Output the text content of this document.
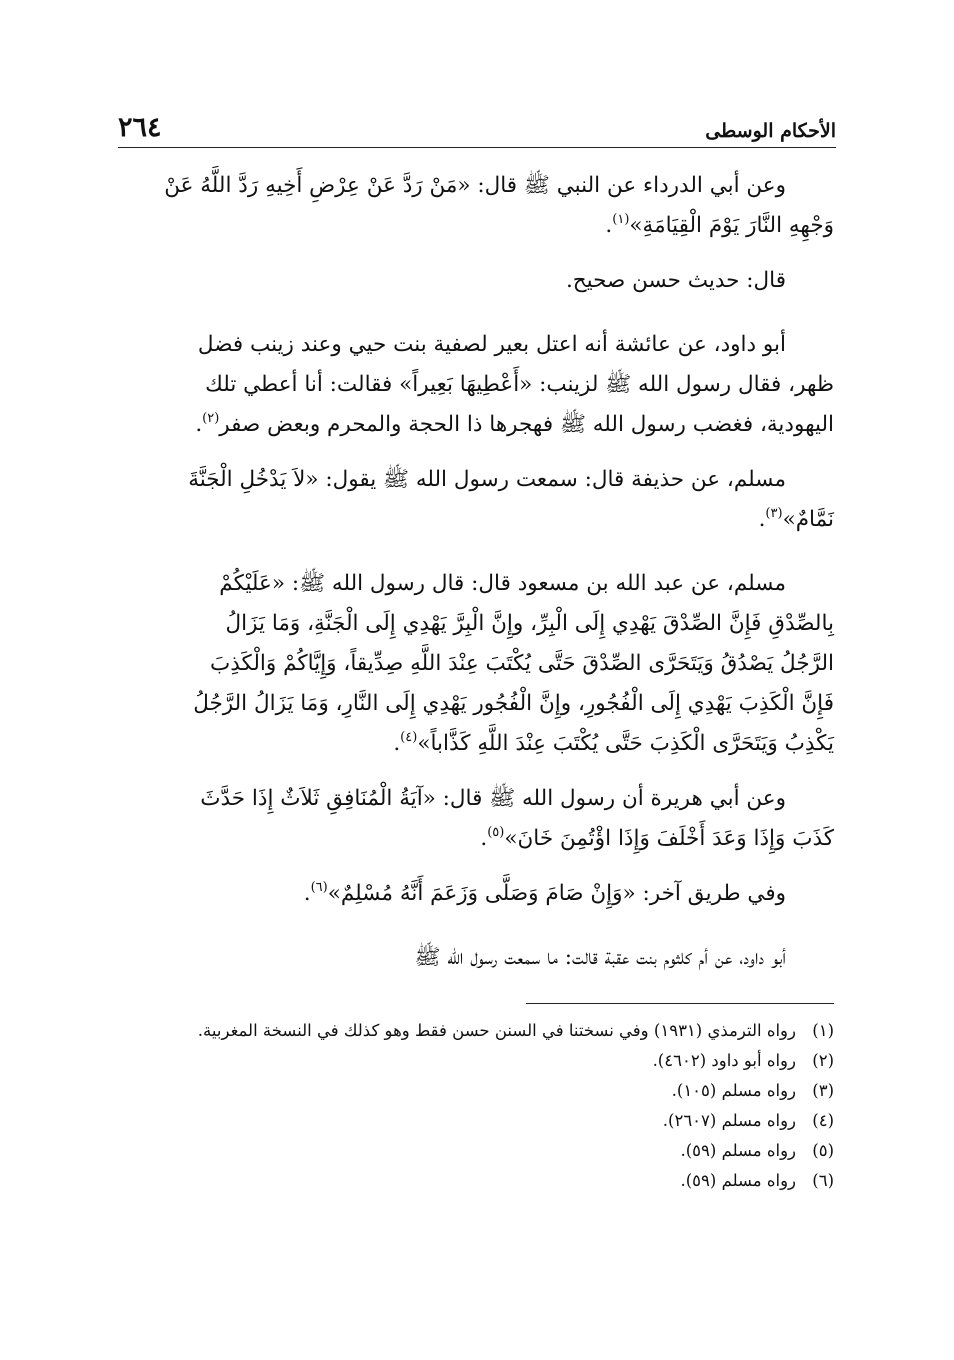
الأحكام الوسطى
٢٦٤
وعن أبي الدرداء عن النبي ﷺ قال: «مَنْ رَدَّ عَنْ عِرْضِ أَخِيهِ رَدَّ اللَّهُ عَنْ
وَجْهِهِ النَّارَ يَوْمَ الْقِيَامَةِ»$^{(١)}$.
قال: حديث حسن صحيح.
أبو داود، عن عائشة أنه اعتل بعير لصفية بنت حيي وعند زينب فضل
ظهر، فقال رسول الله ﷺ لزينب: «أَعْطِيهَا بَعِيراً» فقالت: أنا أعطي تلك
اليهودية، فغضب رسول الله ﷺ فهجرها ذا الحجة والمحرم وبعض صفر$^{(٢)}$.
مسلم، عن حذيفة قال: سمعت رسول الله ﷺ يقول: «لاَ يَدْخُلِ الْجَنَّةَ
نَمَّامٌ»$^{(٣)}$.
مسلم، عن عبد الله بن مسعود قال: قال رسول الله ﷺ: «عَلَيْكُمْ
بِالصِّدْقِ فَإِنَّ الصِّدْقَ يَهْدِي إِلَى الْبِرِّ، وإِنَّ الْبِرَّ يَهْدِي إِلَى الْجَنَّةِ، وَمَا يَزَالُ
الرَّجُلُ يَصْدُقُ وَيَتَحَرَّى الصِّدْقَ حَتَّى يُكْتَبَ عِنْدَ اللَّهِ صِدِّيقاً، وَإِيَّاكُمْ وَالْكَذِبَ
فَإِنَّ الْكَذِبَ يَهْدِي إِلَى الْفُجُورِ، وإِنَّ الْفُجُور يَهْدِي إِلَى النَّارِ، وَمَا يَزَالُ الرَّجُلُ
يَكْذِبُ وَيَتَحَرَّى الْكَذِبَ حَتَّى يُكْتَبَ عِنْدَ اللَّهِ كَذَّاباً»$^{(٤)}$.
وعن أبي هريرة أن رسول الله ﷺ قال: «آيَةُ الْمُنَافِقِ ثَلاَثٌ إِذَا حَدَّثَ
كَذَبَ وَإِذَا وَعَدَ أَخْلَفَ وَإِذَا اؤْتُمِنَ خَانَ»$^{(٥)}$.
وفي طريق آخر: «وَإِنْ صَامَ وَصَلَّى وَزَعَمَ أَنَّهُ مُسْلِمٌ»$^{(٦)}$.
أبو داود، عن أم كلثوم بنت عقبة قالت: ما سمعت رسول الله ﷺ
(١)
رواه الترمذي (١٩٣١) وفي نسختنا في السنن حسن فقط وهو كذلك في النسخة المغربية.
(٢)
رواه أبو داود (٤٦٠٢).
(٣)
رواه مسلم (١٠٥).
(٤)
رواه مسلم (٢٦٠٧).
(٥)
رواه مسلم (٥٩).
(٦)
رواه مسلم (٥٩).
